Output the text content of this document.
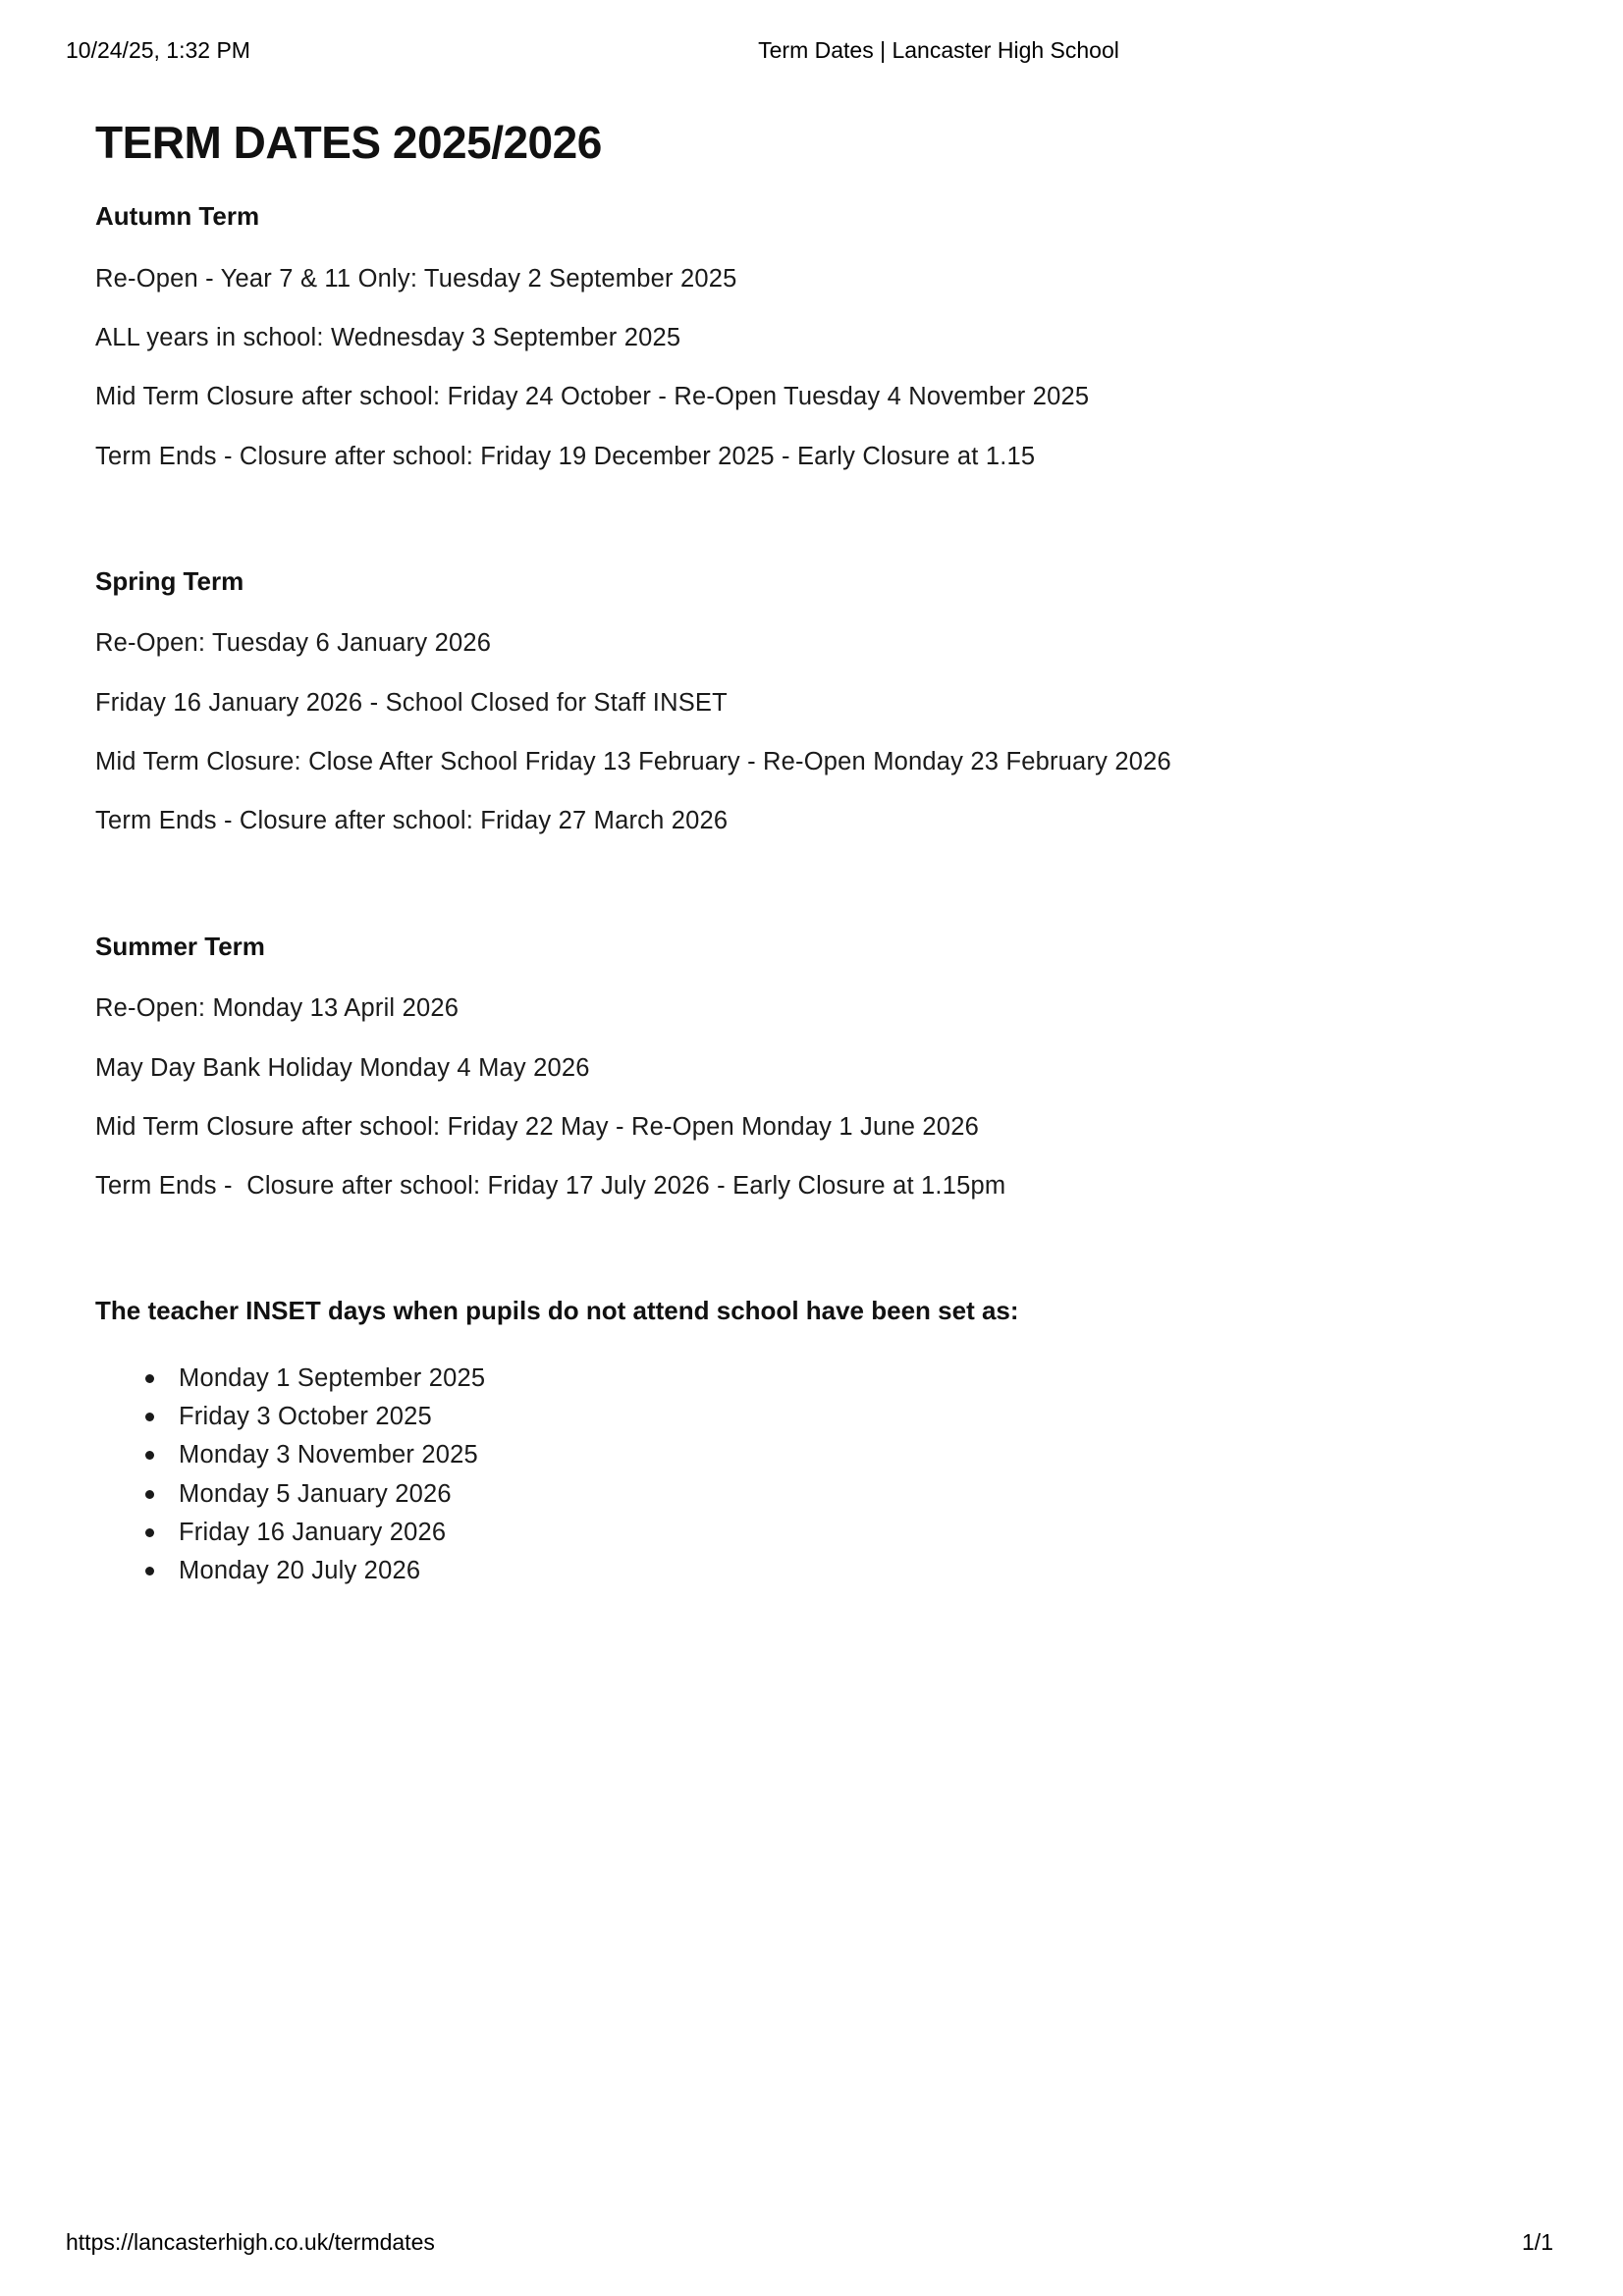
10/24/25, 1:32 PM	Term Dates | Lancaster High School
TERM DATES 2025/2026
Autumn Term

Re-Open - Year 7 & 11 Only: Tuesday 2 September 2025

ALL years in school: Wednesday 3 September 2025

Mid Term Closure after school: Friday 24 October - Re-Open Tuesday 4 November 2025

Term Ends - Closure after school: Friday 19 December 2025 - Early Closure at 1.15

Spring Term

Re-Open: Tuesday 6 January 2026

Friday 16 January 2026 - School Closed for Staff INSET

Mid Term Closure: Close After School Friday 13 February - Re-Open Monday 23 February 2026

Term Ends - Closure after school: Friday 27 March 2026

Summer Term

Re-Open: Monday 13 April 2026

May Day Bank Holiday Monday 4 May 2026

Mid Term Closure after school: Friday 22 May - Re-Open Monday 1 June 2026

Term Ends -  Closure after school: Friday 17 July 2026 - Early Closure at 1.15pm

The teacher INSET days when pupils do not attend school have been set as:
Monday 1 September 2025
Friday 3 October 2025
Monday 3 November 2025
Monday 5 January 2026
Friday 16 January 2026
Monday 20 July 2026
https://lancasterhigh.co.uk/termdates	1/1
